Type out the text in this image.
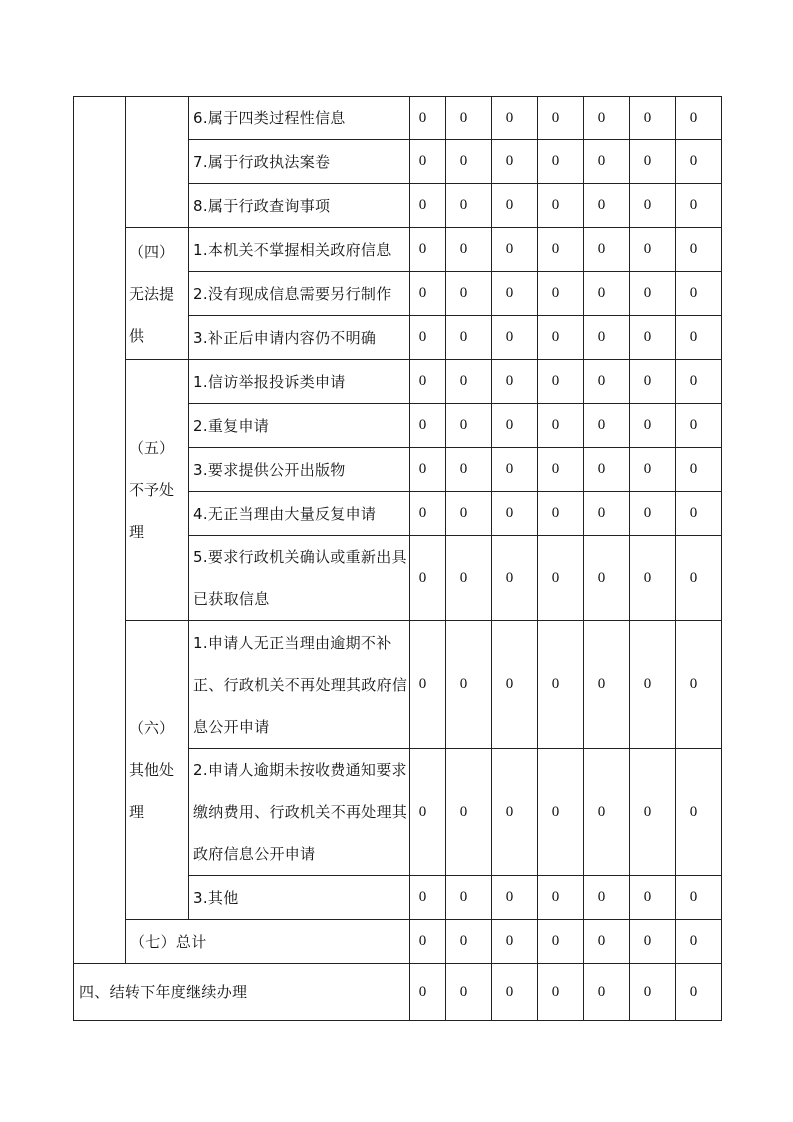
		6.属于四类过程性信息	0	0	0	0	0	0	0
		7.属于行政执法案卷	0	0	0	0	0	0	0
		8.属于行政查询事项	0	0	0	0	0	0	0
	（四）无法提供	1.本机关不掌握相关政府信息	0	0	0	0	0	0	0
		2.没有现成信息需要另行制作	0	0	0	0	0	0	0
		3.补正后申请内容仍不明确	0	0	0	0	0	0	0
	（五）不予处理	1.信访举报投诉类申请	0	0	0	0	0	0	0
		2.重复申请	0	0	0	0	0	0	0
		3.要求提供公开出版物	0	0	0	0	0	0	0
		4.无正当理由大量反复申请	0	0	0	0	0	0	0
		5.要求行政机关确认或重新出具已获取信息	0	0	0	0	0	0	0
	（六）其他处理	1.申请人无正当理由逾期不补正、行政机关不再处理其政府信息公开申请	0	0	0	0	0	0	0
		2.申请人逾期未按收费通知要求缴纳费用、行政机关不再处理其政府信息公开申请	0	0	0	0	0	0	0
		3.其他	0	0	0	0	0	0	0
	（七）总计		0	0	0	0	0	0	0
四、结转下年度继续办理			0	0	0	0	0	0	0
